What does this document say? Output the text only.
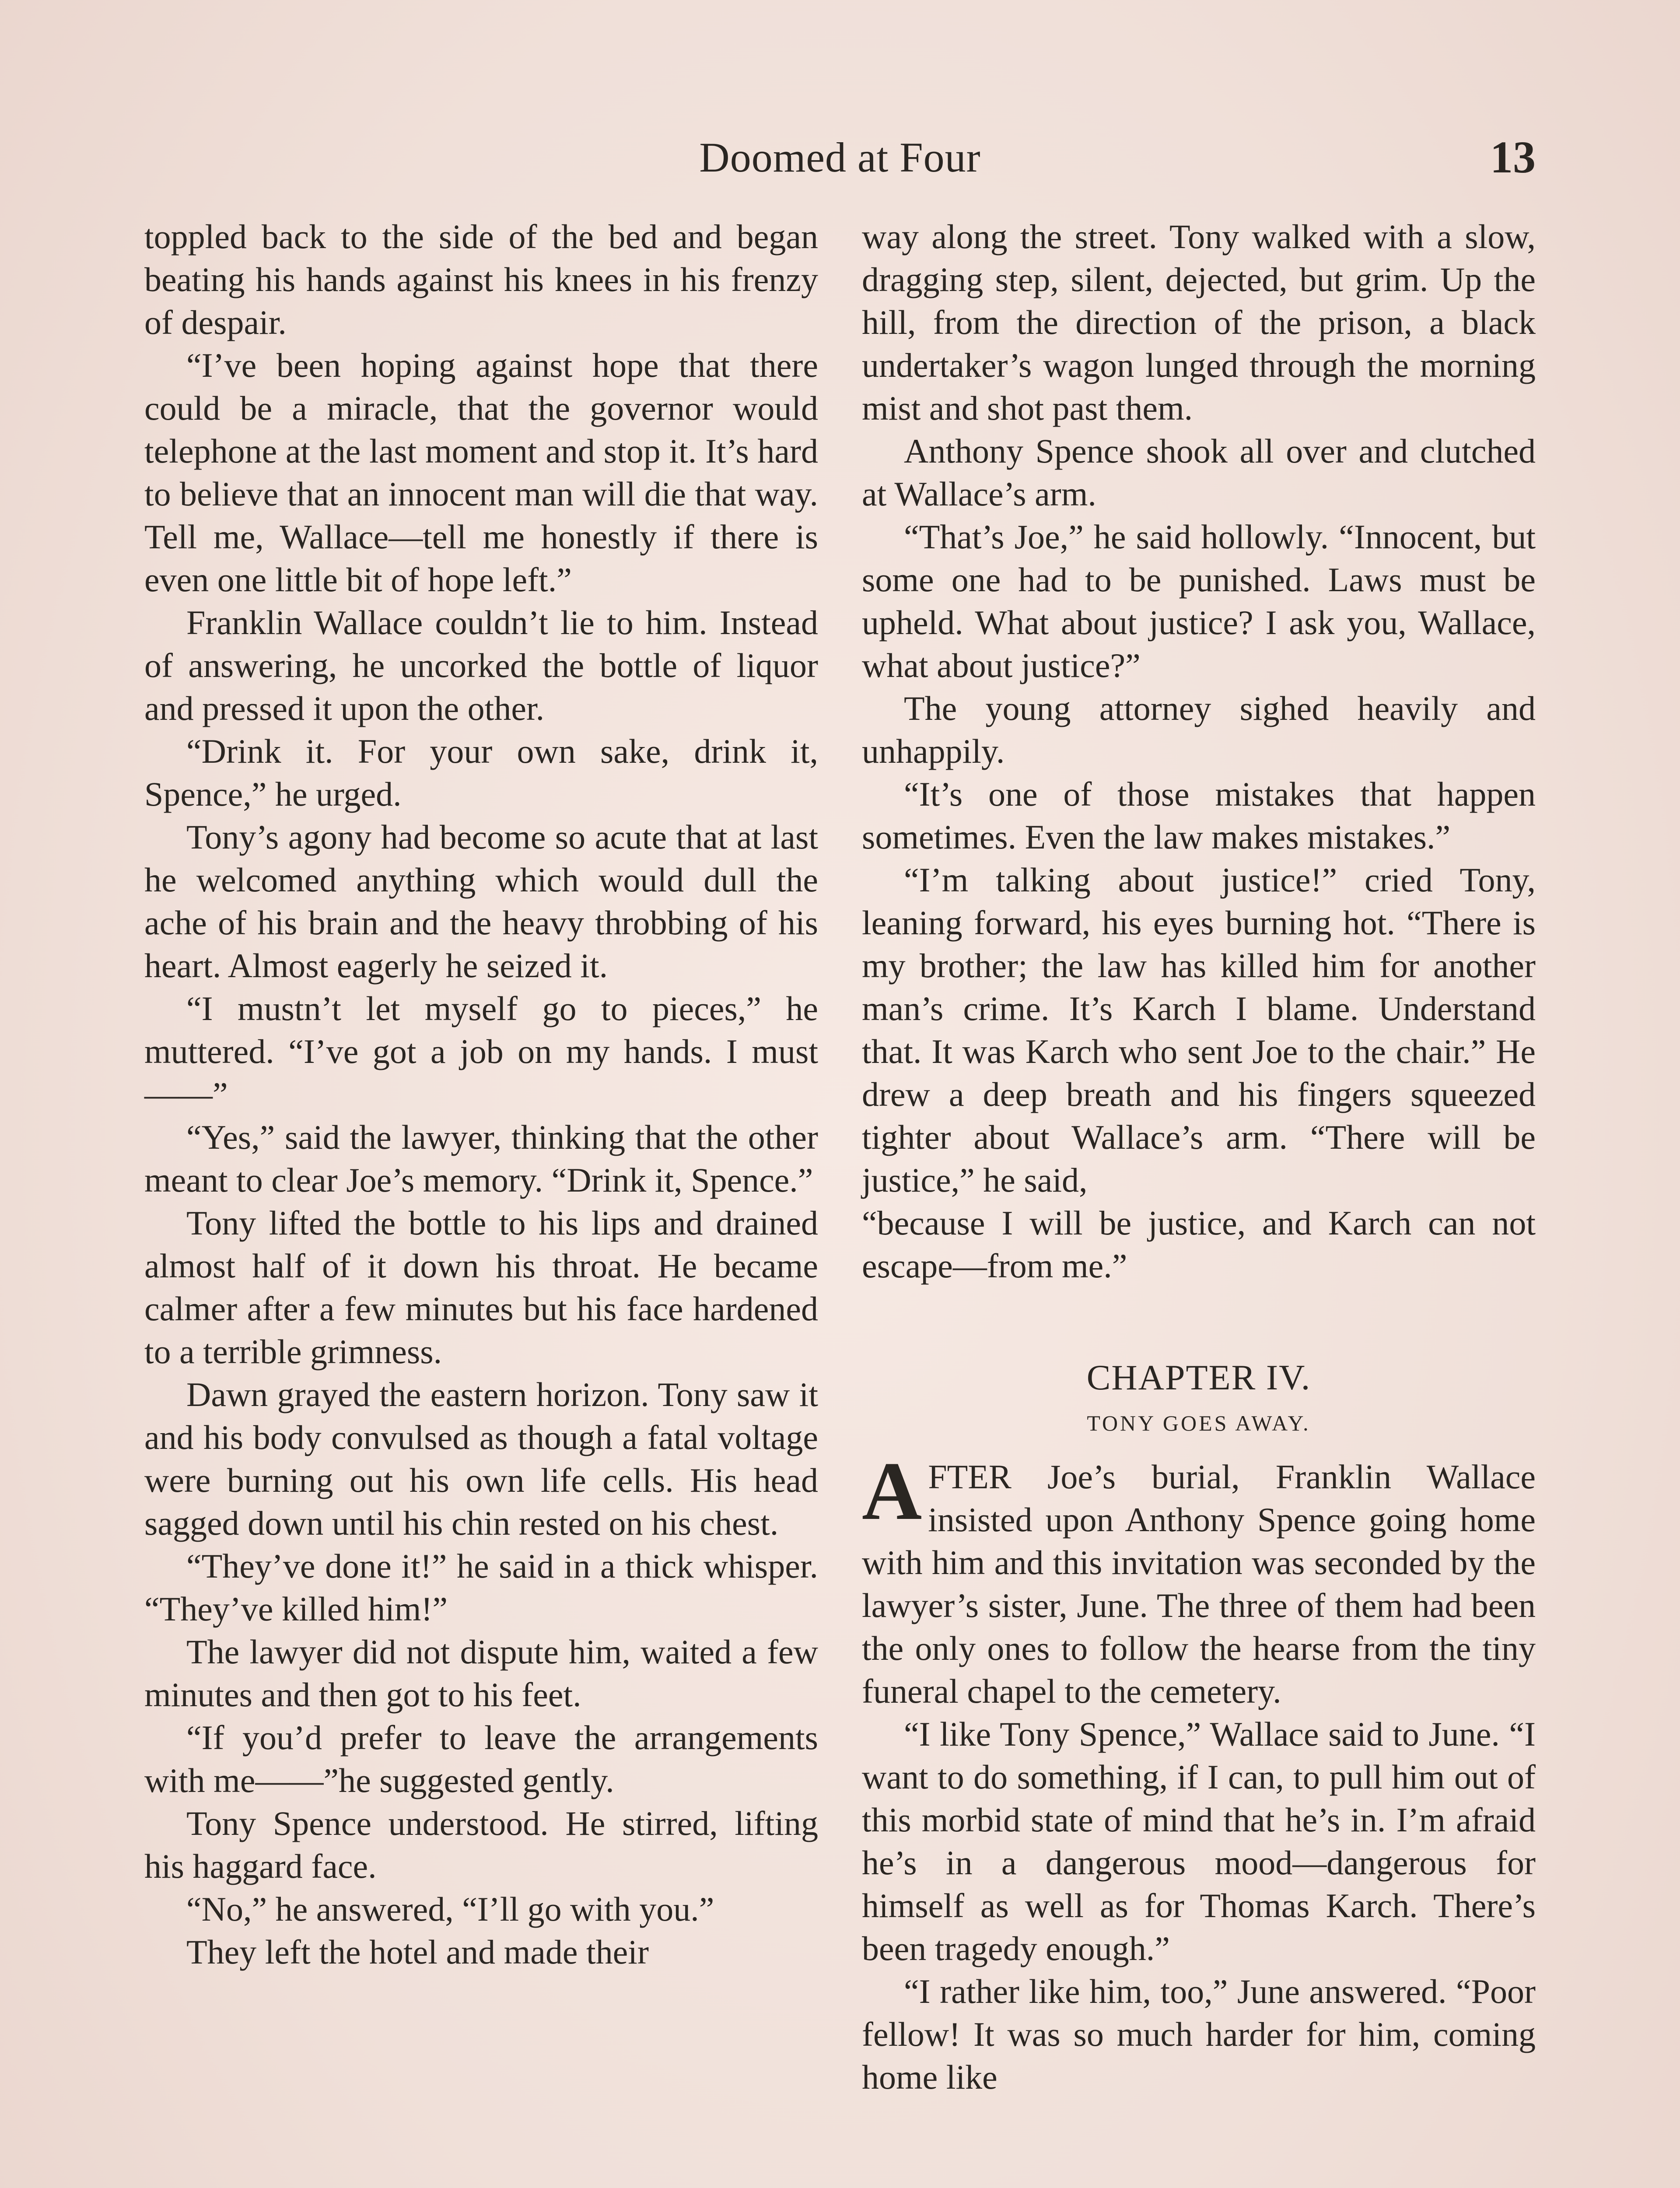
Doomed at Four	13

toppled back to the side of the bed and began beating his hands against his knees in his frenzy of despair.

“I’ve been hoping against hope that there could be a miracle, that the governor would telephone at the last moment and stop it. It’s hard to believe that an innocent man will die that way. Tell me, Wallace—tell me honestly if there is even one little bit of hope left.”

Franklin Wallace couldn’t lie to him. Instead of answering, he uncorked the bottle of liquor and pressed it upon the other.

“Drink it. For your own sake, drink it, Spence,” he urged.

Tony’s agony had become so acute that at last he welcomed anything which would dull the ache of his brain and the heavy throbbing of his heart. Almost eagerly he seized it.

“I mustn’t let myself go to pieces,” he muttered. “I’ve got a job on my hands. I must——”

“Yes,” said the lawyer, thinking that the other meant to clear Joe’s memory. “Drink it, Spence.”

Tony lifted the bottle to his lips and drained almost half of it down his throat. He became calmer after a few minutes but his face hardened to a terrible grimness.

Dawn grayed the eastern horizon. Tony saw it and his body convulsed as though a fatal voltage were burning out his own life cells. His head sagged down until his chin rested on his chest.

“They’ve done it!” he said in a thick whisper. “They’ve killed him!”

The lawyer did not dispute him, waited a few minutes and then got to his feet.

“If you’d prefer to leave the arrangements with me——”he suggested gently.

Tony Spence understood. He stirred, lifting his haggard face.

“No,” he answered, “I’ll go with you.”

They left the hotel and made their

way along the street. Tony walked with a slow, dragging step, silent, dejected, but grim. Up the hill, from the direction of the prison, a black undertaker’s wagon lunged through the morning mist and shot past them.

Anthony Spence shook all over and clutched at Wallace’s arm.

“That’s Joe,” he said hollowly. “Innocent, but some one had to be punished. Laws must be upheld. What about justice? I ask you, Wallace, what about justice?”

The young attorney sighed heavily and unhappily.

“It’s one of those mistakes that happen sometimes. Even the law makes mistakes.”

“I’m talking about justice!” cried Tony, leaning forward, his eyes burning hot. “There is my brother; the law has killed him for another man’s crime. It’s Karch I blame. Understand that. It was Karch who sent Joe to the chair.” He drew a deep breath and his fingers squeezed tighter about Wallace’s arm. “There will be justice,” he said,

“because I will be justice, and Karch can not escape—from me.”

CHAPTER IV.
TONY GOES AWAY.

AFTER Joe’s burial, Franklin Wallace insisted upon Anthony Spence going home with him and this invitation was seconded by the lawyer’s sister, June. The three of them had been the only ones to follow the hearse from the tiny funeral chapel to the cemetery.

“I like Tony Spence,” Wallace said to June. “I want to do something, if I can, to pull him out of this morbid state of mind that he’s in. I’m afraid he’s in a dangerous mood—dangerous for himself as well as for Thomas Karch. There’s been tragedy enough.”

“I rather like him, too,” June answered. “Poor fellow! It was so much harder for him, coming home like
